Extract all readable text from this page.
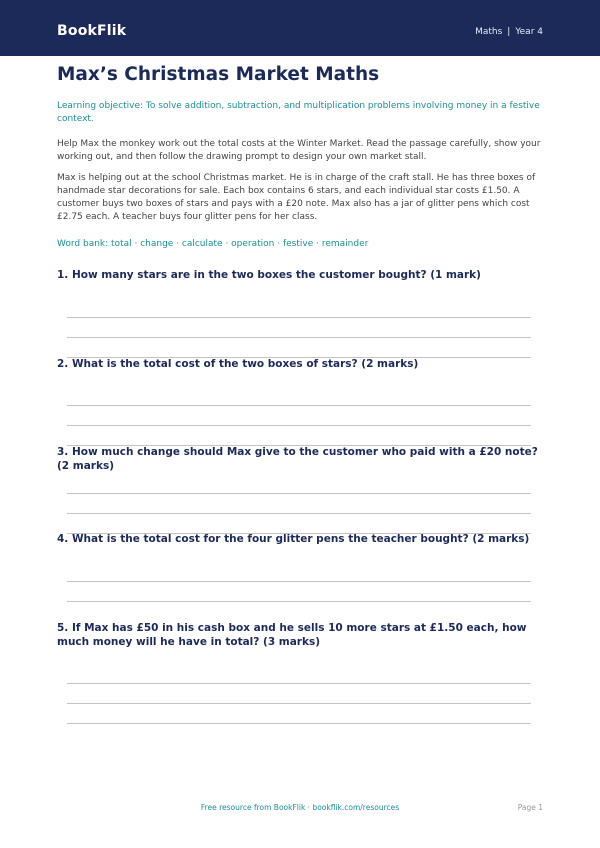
BookFlik	Maths | Year 4
Max’s Christmas Market Maths

Learning objective: To solve addition, subtraction, and multiplication problems involving money in a festive context.

Help Max the monkey work out the total costs at the Winter Market. Read the passage carefully, show your working out, and then follow the drawing prompt to design your own market stall.

Max is helping out at the school Christmas market. He is in charge of the craft stall. He has three boxes of handmade star decorations for sale. Each box contains 6 stars, and each individual star costs £1.50. A customer buys two boxes of stars and pays with a £20 note. Max also has a jar of glitter pens which cost £2.75 each. A teacher buys four glitter pens for her class.

Word bank: total · change · calculate · operation · festive · remainder

1. How many stars are in the two boxes the customer bought? (1 mark)

2. What is the total cost of the two boxes of stars? (2 marks)

3. How much change should Max give to the customer who paid with a £20 note? (2 marks)

4. What is the total cost for the four glitter pens the teacher bought? (2 marks)

5. If Max has £50 in his cash box and he sells 10 more stars at £1.50 each, how much money will he have in total? (3 marks)

Free resource from BookFlik · bookflik.com/resources	Page 1
